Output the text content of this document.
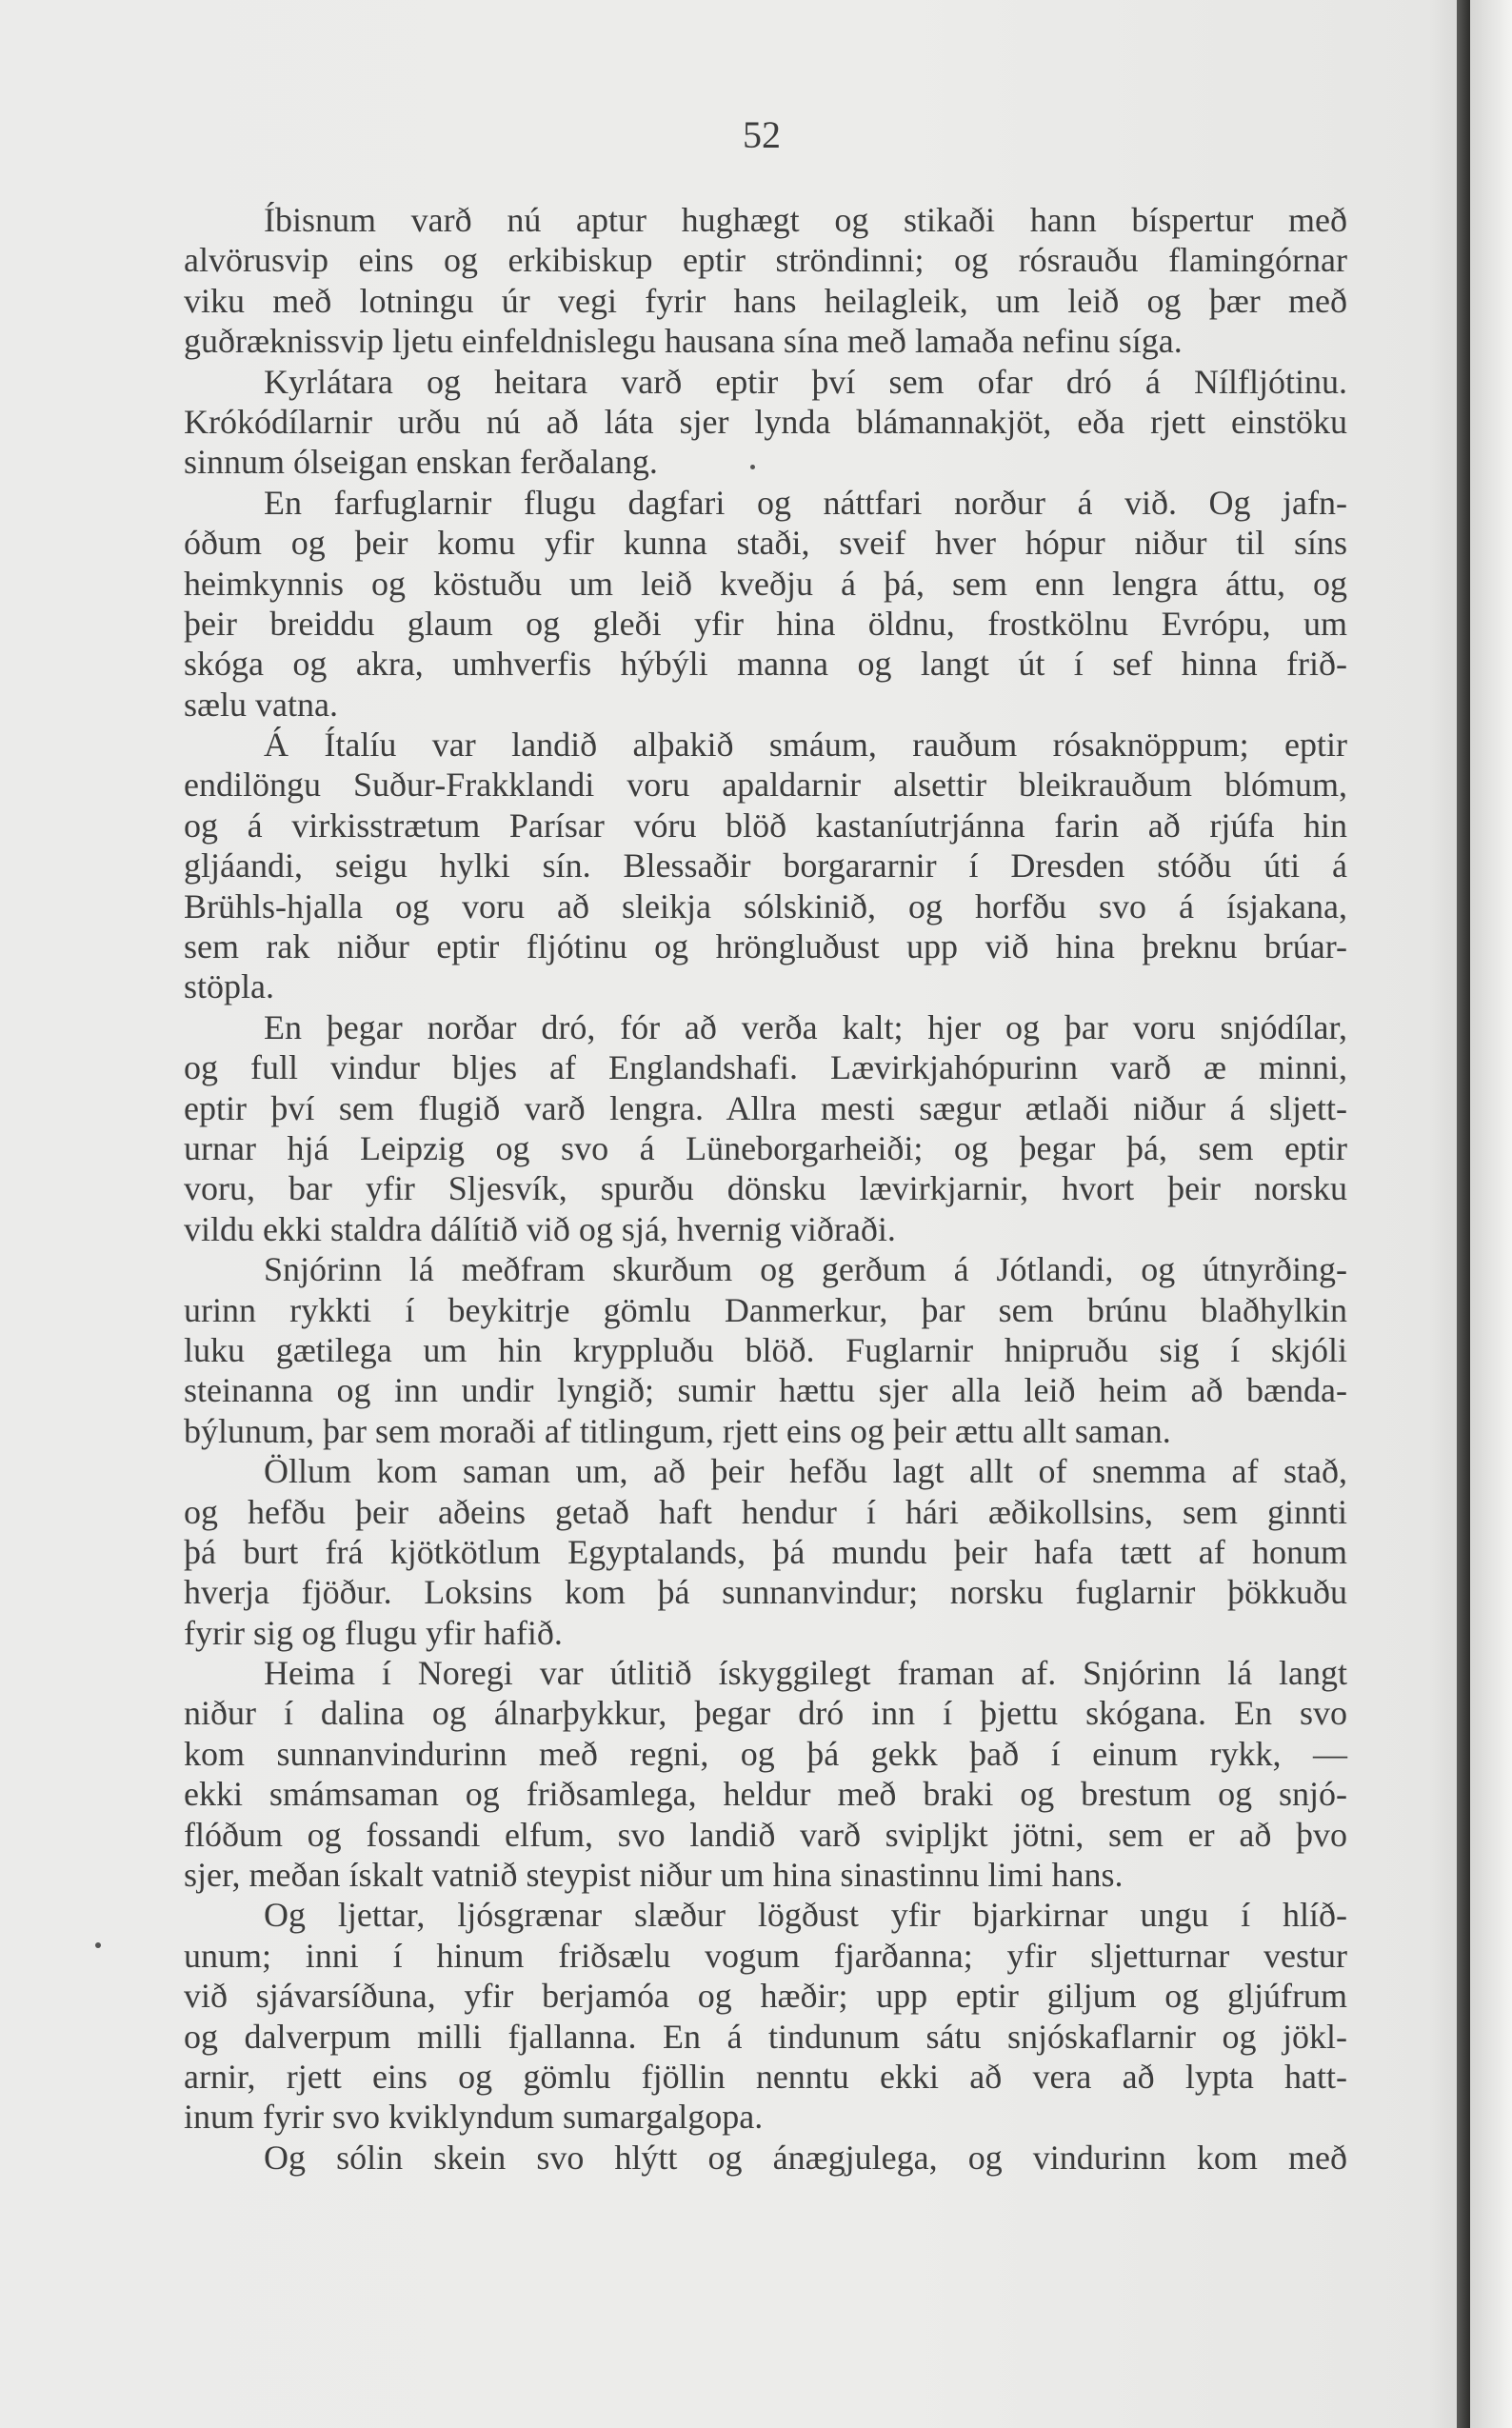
52
Íbisnum varð nú aptur hughægt og stikaði hann bíspertur með
alvörusvip eins og erkibiskup eptir ströndinni; og rósrauðu flamingórnar
viku með lotningu úr vegi fyrir hans heilagleik, um leið og þær með
guðræknissvip ljetu einfeldnislegu hausana sína með lamaða nefinu síga.
Kyrlátara og heitara varð eptir því sem ofar dró á Nílfljótinu.
Krókódílarnir urðu nú að láta sjer lynda blámannakjöt, eða rjett einstöku
sinnum ólseigan enskan ferðalang.
En farfuglarnir flugu dagfari og náttfari norður á við. Og jafn-
óðum og þeir komu yfir kunna staði, sveif hver hópur niður til síns
heimkynnis og köstuðu um leið kveðju á þá, sem enn lengra áttu, og
þeir breiddu glaum og gleði yfir hina öldnu, frostkölnu Evrópu, um
skóga og akra, umhverfis hýbýli manna og langt út í sef hinna frið-
sælu vatna.
Á Ítalíu var landið alþakið smáum, rauðum rósaknöppum; eptir
endilöngu Suður-Frakklandi voru apaldarnir alsettir bleikrauðum blómum,
og á virkisstrætum Parísar vóru blöð kastaníutrjánna farin að rjúfa hin
gljáandi, seigu hylki sín. Blessaðir borgararnir í Dresden stóðu úti á
Brühls-hjalla og voru að sleikja sólskinið, og horfðu svo á ísjakana,
sem rak niður eptir fljótinu og hröngluðust upp við hina þreknu brúar-
stöpla.
En þegar norðar dró, fór að verða kalt; hjer og þar voru snjódílar,
og full vindur bljes af Englandshafi. Lævirkjahópurinn varð æ minni,
eptir því sem flugið varð lengra. Allra mesti sægur ætlaði niður á sljett-
urnar hjá Leipzig og svo á Lüneborgarheiði; og þegar þá, sem eptir
voru, bar yfir Sljesvík, spurðu dönsku lævirkjarnir, hvort þeir norsku
vildu ekki staldra dálítið við og sjá, hvernig viðraði.
Snjórinn lá meðfram skurðum og gerðum á Jótlandi, og útnyrðing-
urinn rykkti í beykitrje gömlu Danmerkur, þar sem brúnu blaðhylkin
luku gætilega um hin kryppluðu blöð. Fuglarnir hnipruðu sig í skjóli
steinanna og inn undir lyngið; sumir hættu sjer alla leið heim að bænda-
býlunum, þar sem moraði af titlingum, rjett eins og þeir ættu allt saman.
Öllum kom saman um, að þeir hefðu lagt allt of snemma af stað,
og hefðu þeir aðeins getað haft hendur í hári æðikollsins, sem ginnti
þá burt frá kjötkötlum Egyptalands, þá mundu þeir hafa tætt af honum
hverja fjöður. Loksins kom þá sunnanvindur; norsku fuglarnir þökkuðu
fyrir sig og flugu yfir hafið.
Heima í Noregi var útlitið ískyggilegt framan af. Snjórinn lá langt
niður í dalina og álnarþykkur, þegar dró inn í þjettu skógana. En svo
kom sunnanvindurinn með regni, og þá gekk það í einum rykk, —
ekki smámsaman og friðsamlega, heldur með braki og brestum og snjó-
flóðum og fossandi elfum, svo landið varð svipljkt jötni, sem er að þvo
sjer, meðan ískalt vatnið steypist niður um hina sinastinnu limi hans.
Og ljettar, ljósgrænar slæður lögðust yfir bjarkirnar ungu í hlíð-
unum; inni í hinum friðsælu vogum fjarðanna; yfir sljetturnar vestur
við sjávarsíðuna, yfir berjamóa og hæðir; upp eptir giljum og gljúfrum
og dalverpum milli fjallanna. En á tindunum sátu snjóskaflarnir og jökl-
arnir, rjett eins og gömlu fjöllin nenntu ekki að vera að lypta hatt-
inum fyrir svo kviklyndum sumargalgopa.
Og sólin skein svo hlýtt og ánægjulega, og vindurinn kom með
